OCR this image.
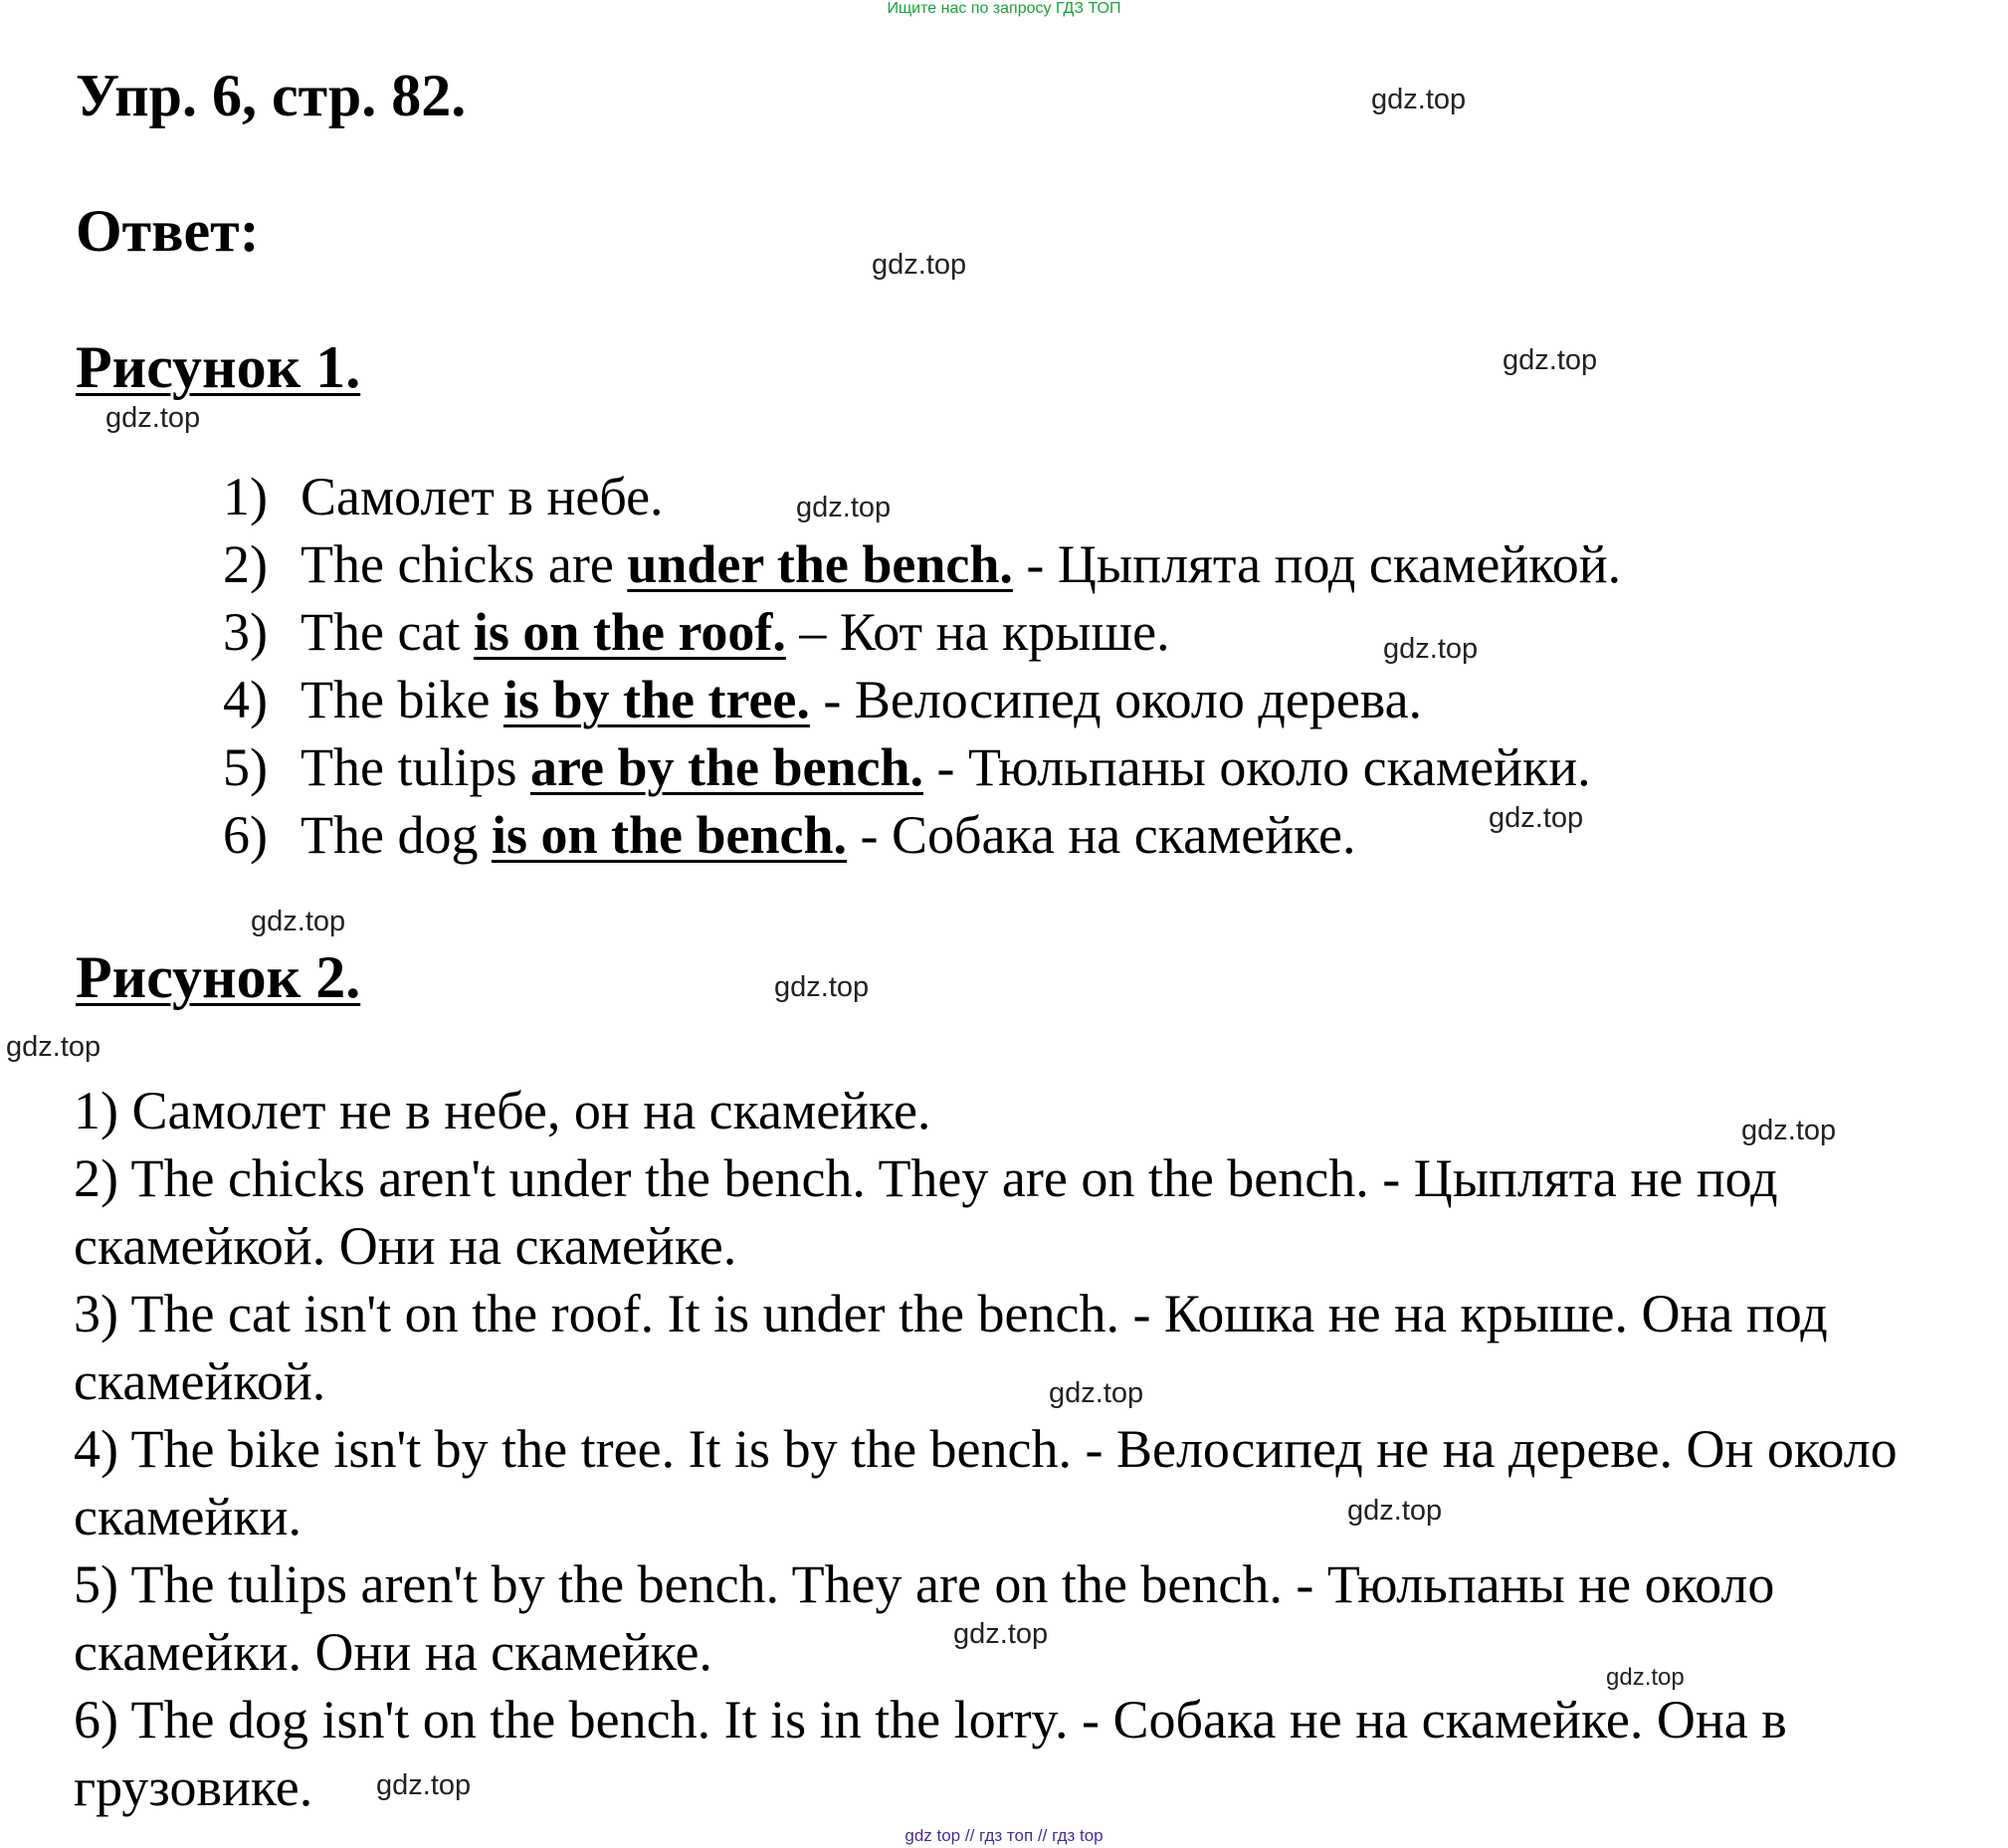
Ищите нас по запросу ГДЗ ТОП
Упр. 6, стр. 82.
Ответ:
Рисунок 1.
1) Самолет в небе.
2) The chicks are under the bench. - Цыплята под скамейкой.
3) The cat is on the roof. – Кот на крыше.
4) The bike is by the tree. - Велосипед около дерева.
5) The tulips are by the bench. - Тюльпаны около скамейки.
6) The dog is on the bench. - Собака на скамейке.
Рисунок 2.
1) Самолет не в небе, он на скамейке.
2) The chicks aren't under the bench. They are on the bench. - Цыплята не под скамейкой. Они на скамейке.
3) The cat isn't on the roof. It is under the bench. - Кошка не на крыше. Она под скамейкой.
4) The bike isn't by the tree. It is by the bench. - Велосипед не на дереве. Он около скамейки.
5) The tulips aren't by the bench. They are on the bench. - Тюльпаны не около скамейки. Они на скамейке.
6) The dog isn't on the bench. It is in the lorry. - Собака не на скамейке. Она в грузовике.
gdz.top
gdz.top
gdz.top
gdz.top
gdz.top
gdz.top
gdz.top
gdz.top
gdz.top
gdz.top
gdz.top
gdz.top
gdz.top
gdz.top
gdz.top
gdz.top
gdz top // гдз топ // гдз top
